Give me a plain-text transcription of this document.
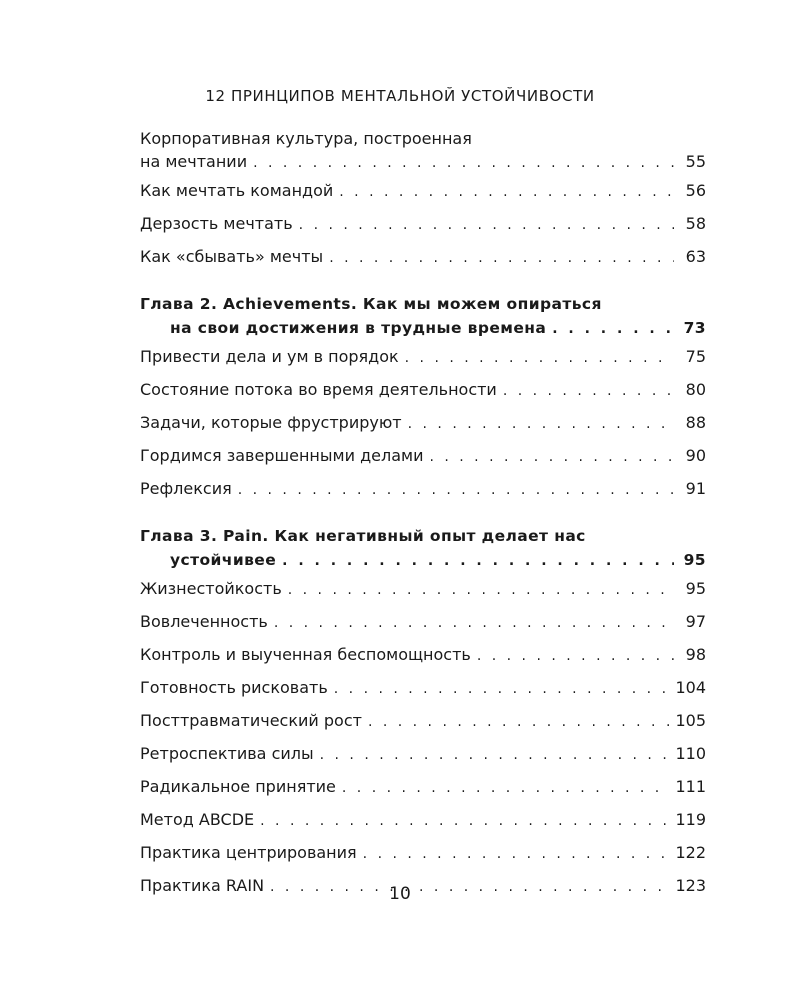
12 ПРИНЦИПОВ МЕНТАЛЬНОЙ УСТОЙЧИВОСТИ
Корпоративная культура, построенная
на мечтании . . .	55
Как мечтать командой . . .	56
Дерзость мечтать . . .	58
Как «сбывать» мечты . . .	63
Глава 2. Achievements. Как мы можем опираться
на свои достижения в трудные времена . . .	73
Привести дела и ум в порядок . . .	75
Состояние потока во время деятельности . . .	80
Задачи, которые фрустрируют . . .	88
Гордимся завершенными делами . . .	90
Рефлексия . . .	91
Глава 3. Pain. Как негативный опыт делает нас
устойчивее . . .	95
Жизнестойкость . . .	95
Вовлеченность . . .	97
Контроль и выученная беспомощность . . .	98
Готовность рисковать . . .	104
Посттравматический рост . . .	105
Ретроспектива силы . . .	110
Радикальное принятие . . .	111
Метод ABCDE . . .	119
Практика центрирования . . .	122
Практика RAIN . . .	123
10
